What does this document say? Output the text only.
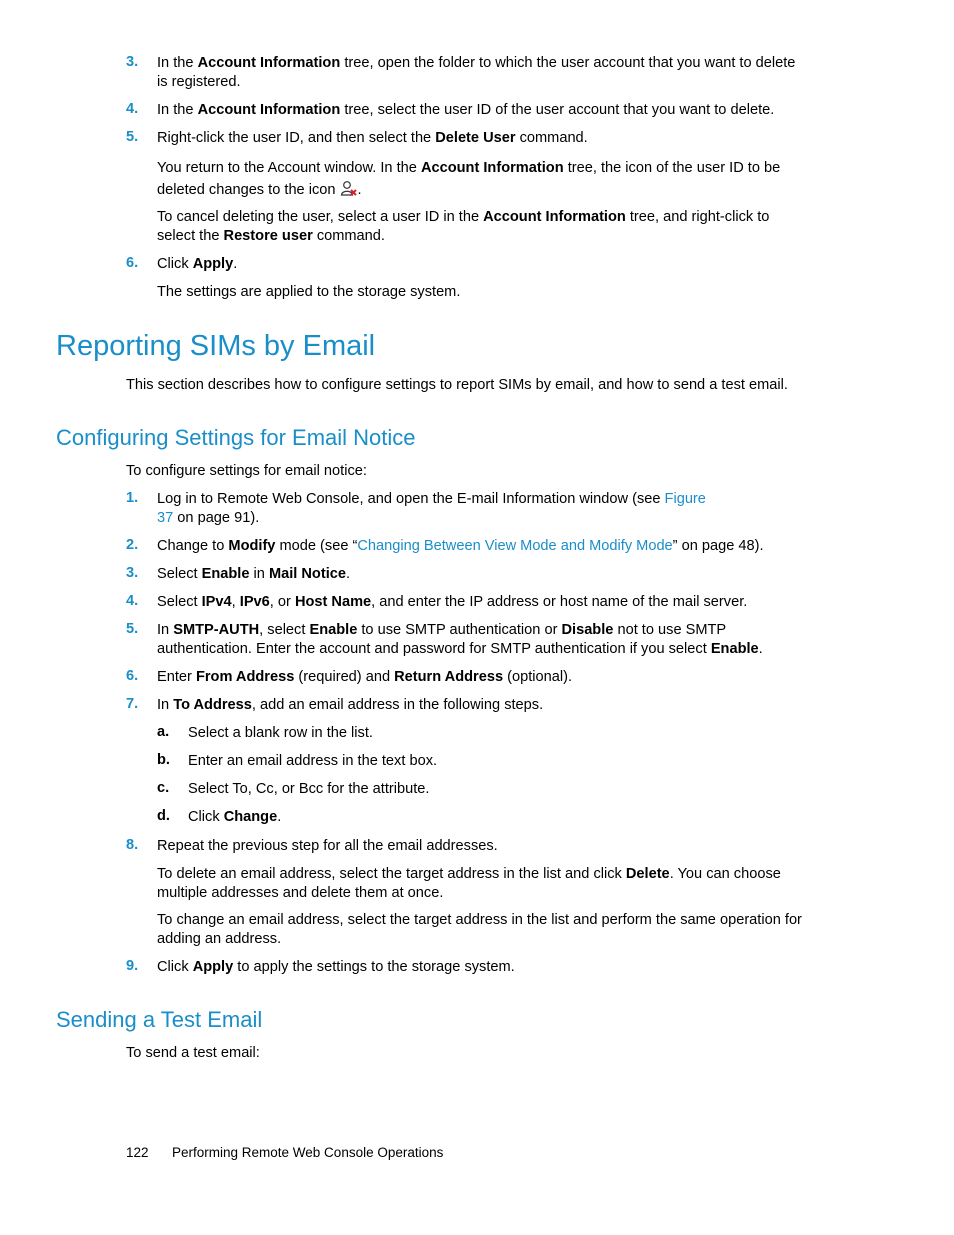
3. In the Account Information tree, open the folder to which the user account that you want to delete is registered.
4. In the Account Information tree, select the user ID of the user account that you want to delete.
5. Right-click the user ID, and then select the Delete User command.
You return to the Account window. In the Account Information tree, the icon of the user ID to be deleted changes to the icon .
To cancel deleting the user, select a user ID in the Account Information tree, and right-click to select the Restore user command.
6. Click Apply.
The settings are applied to the storage system.
Reporting SIMs by Email
This section describes how to configure settings to report SIMs by email, and how to send a test email.
Configuring Settings for Email Notice
To configure settings for email notice:
1. Log in to Remote Web Console, and open the E-mail Information window (see Figure
37 on page 91).
2. Change to Modify mode (see “Changing Between View Mode and Modify Mode” on page 48).
3. Select Enable in Mail Notice.
4. Select IPv4, IPv6, or Host Name, and enter the IP address or host name of the mail server.
5. In SMTP-AUTH, select Enable to use SMTP authentication or Disable not to use SMTP authentication. Enter the account and password for SMTP authentication if you select Enable.
6. Enter From Address (required) and Return Address (optional).
7. In To Address, add an email address in the following steps.
a. Select a blank row in the list.
b. Enter an email address in the text box.
c. Select To, Cc, or Bcc for the attribute.
d. Click Change.
8. Repeat the previous step for all the email addresses.
To delete an email address, select the target address in the list and click Delete. You can choose multiple addresses and delete them at once.
To change an email address, select the target address in the list and perform the same operation for adding an address.
9. Click Apply to apply the settings to the storage system.
Sending a Test Email
To send a test email:
122 Performing Remote Web Console Operations
